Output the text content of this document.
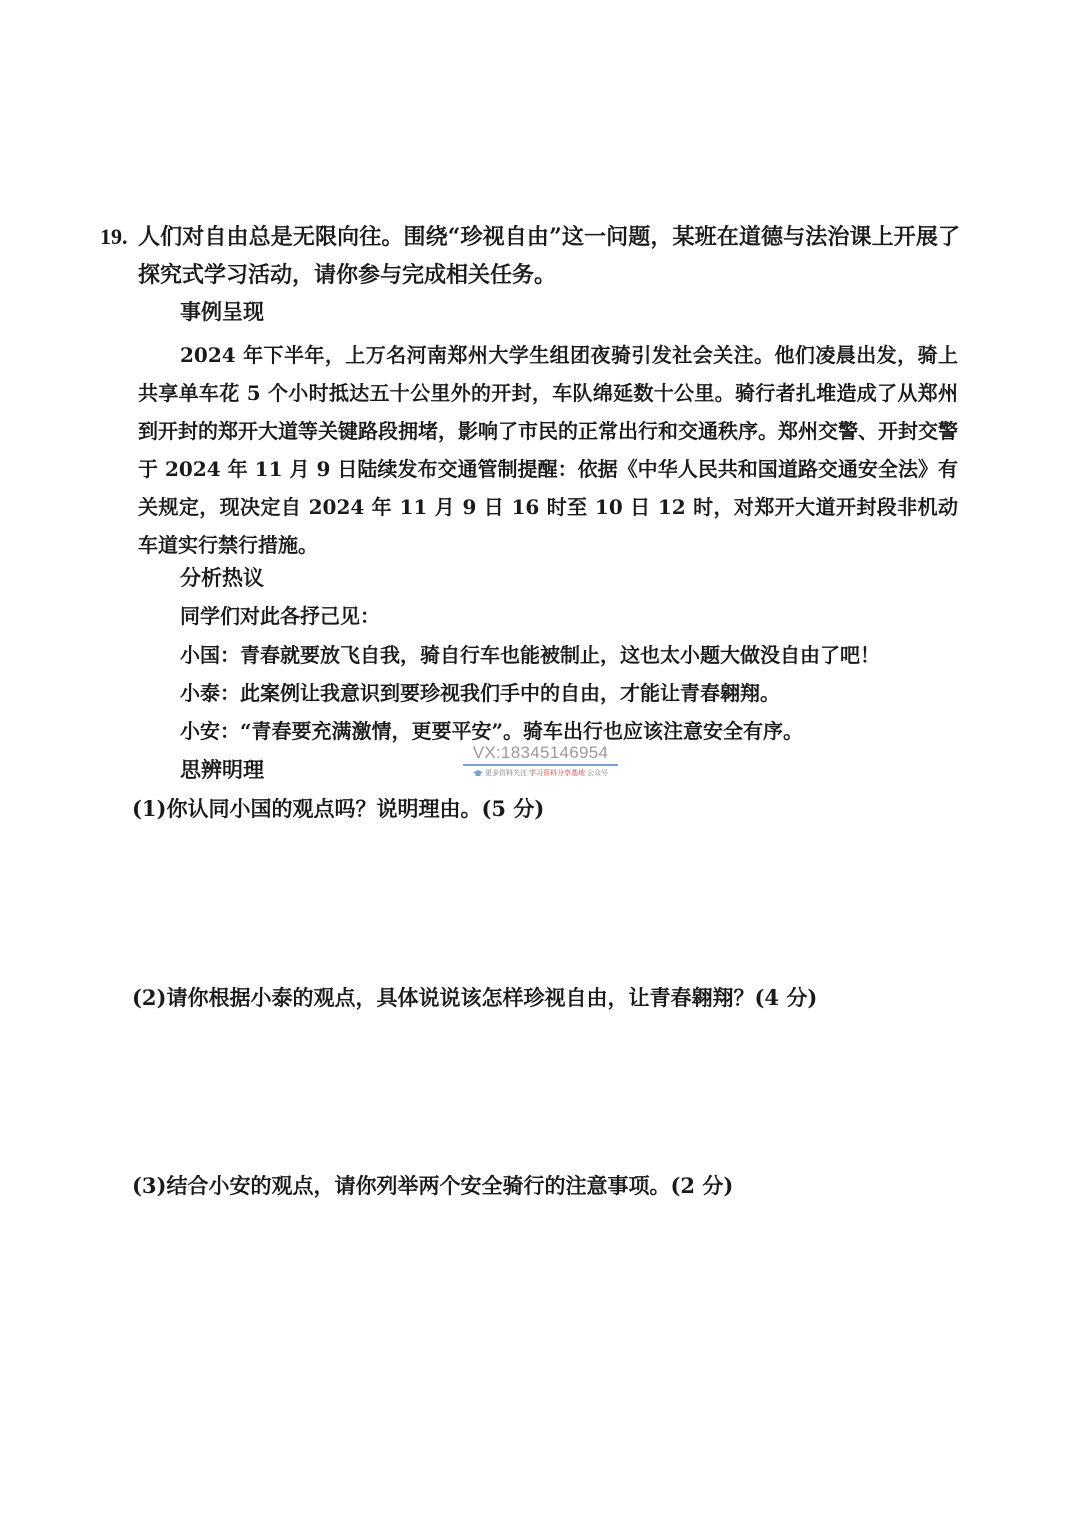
19. 人们对自由总是无限向往。围绕“珍视自由”这一问题，某班在道德与法治课上开展了探究式学习活动，请你参与完成相关任务。
事例呈现
2024 年下半年，上万名河南郑州大学生组团夜骑引发社会关注。他们凌晨出发，骑上共享单车花 5 个小时抵达五十公里外的开封，车队绵延数十公里。骑行者扎堆造成了从郑州到开封的郑开大道等关键路段拥堵，影响了市民的正常出行和交通秩序。郑州交警、开封交警于 2024 年 11 月 9 日陆续发布交通管制提醒：依据《中华人民共和国道路交通安全法》有关规定，现决定自 2024 年 11 月 9 日 16 时至 10 日 12 时，对郑开大道开封段非机动车道实行禁行措施。
分析热议
同学们对此各抒己见：
小国：青春就要放飞自我，骑自行车也能被制止，这也太小题大做没自由了吧！
小泰：此案例让我意识到要珍视我们手中的自由，才能让青春翱翔。
小安：“青春要充满激情，更要平安”。骑车出行也应该注意安全有序。
思辨明理
(1)你认同小国的观点吗？说明理由。(5 分)
(2)请你根据小泰的观点，具体说说该怎样珍视自由，让青春翱翔？(4 分)
(3)结合小安的观点，请你列举两个安全骑行的注意事项。(2 分)
VX:18345146954
更多资料关注 学习资料分享基地 公众号
